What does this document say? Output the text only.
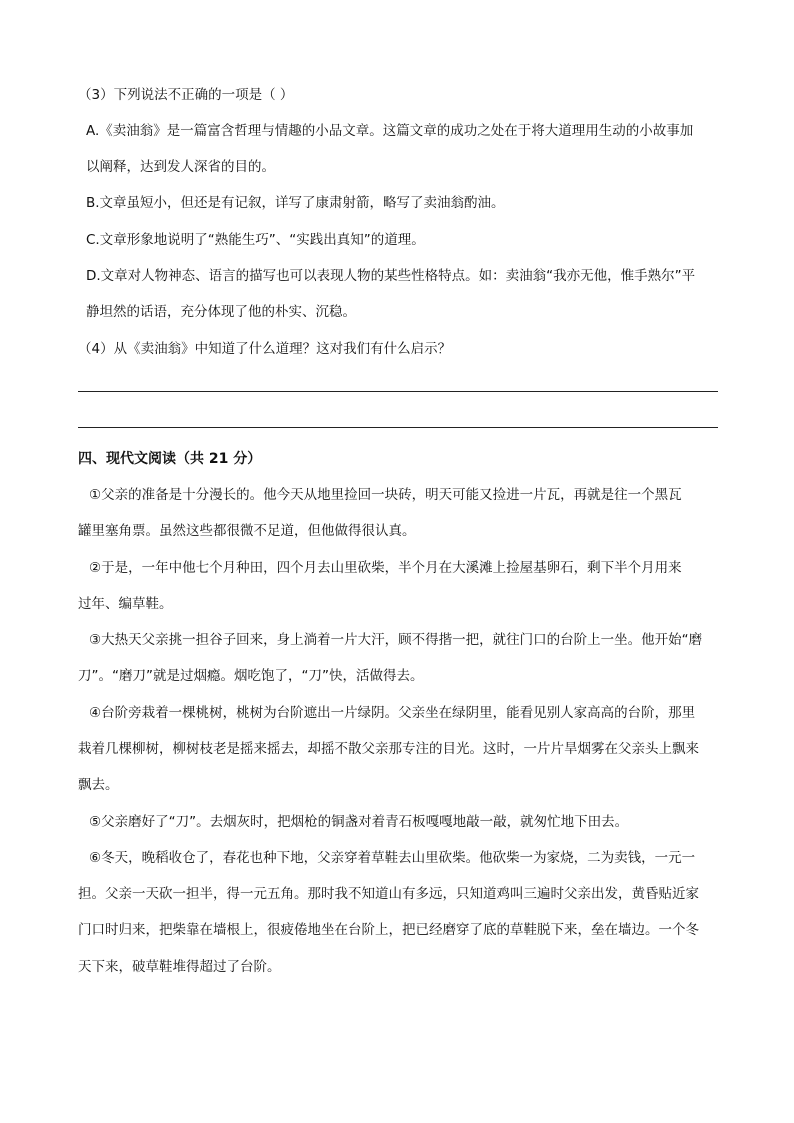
（3）下列说法不正确的一项是（ ）
A.《卖油翁》是一篇富含哲理与情趣的小品文章。这篇文章的成功之处在于将大道理用生动的小故事加
以阐释，达到发人深省的目的。
B.文章虽短小，但还是有记叙，详写了康肃射箭，略写了卖油翁酌油。
C.文章形象地说明了“熟能生巧”、“实践出真知”的道理。
D.文章对人物神态、语言的描写也可以表现人物的某些性格特点。如：卖油翁“我亦无他，惟手熟尔”平
静坦然的话语，充分体现了他的朴实、沉稳。
（4）从《卖油翁》中知道了什么道理？这对我们有什么启示？
四、现代文阅读（共 21 分）
①父亲的准备是十分漫长的。他今天从地里捡回一块砖，明天可能又捡进一片瓦，再就是往一个黑瓦
罐里塞角票。虽然这些都很微不足道，但他做得很认真。
②于是，一年中他七个月种田，四个月去山里砍柴，半个月在大溪滩上捡屋基卵石，剩下半个月用来
过年、编草鞋。
③大热天父亲挑一担谷子回来，身上淌着一片大汗，顾不得揩一把，就往门口的台阶上一坐。他开始“磨
刀”。“磨刀”就是过烟瘾。烟吃饱了，“刀”快，活做得去。
④台阶旁栽着一棵桃树，桃树为台阶遮出一片绿阴。父亲坐在绿阴里，能看见别人家高高的台阶，那里
栽着几棵柳树，柳树枝老是摇来摇去，却摇不散父亲那专注的目光。这时，一片片旱烟雾在父亲头上飘来
飘去。
⑤父亲磨好了“刀”。去烟灰时，把烟枪的铜盏对着青石板嘎嘎地敲一敲，就匆忙地下田去。
⑥冬天，晚稻收仓了，春花也种下地，父亲穿着草鞋去山里砍柴。他砍柴一为家烧，二为卖钱，一元一
担。父亲一天砍一担半，得一元五角。那时我不知道山有多远，只知道鸡叫三遍时父亲出发，黄昏贴近家
门口时归来，把柴靠在墙根上，很疲倦地坐在台阶上，把已经磨穿了底的草鞋脱下来，垒在墙边。一个冬
天下来，破草鞋堆得超过了台阶。
